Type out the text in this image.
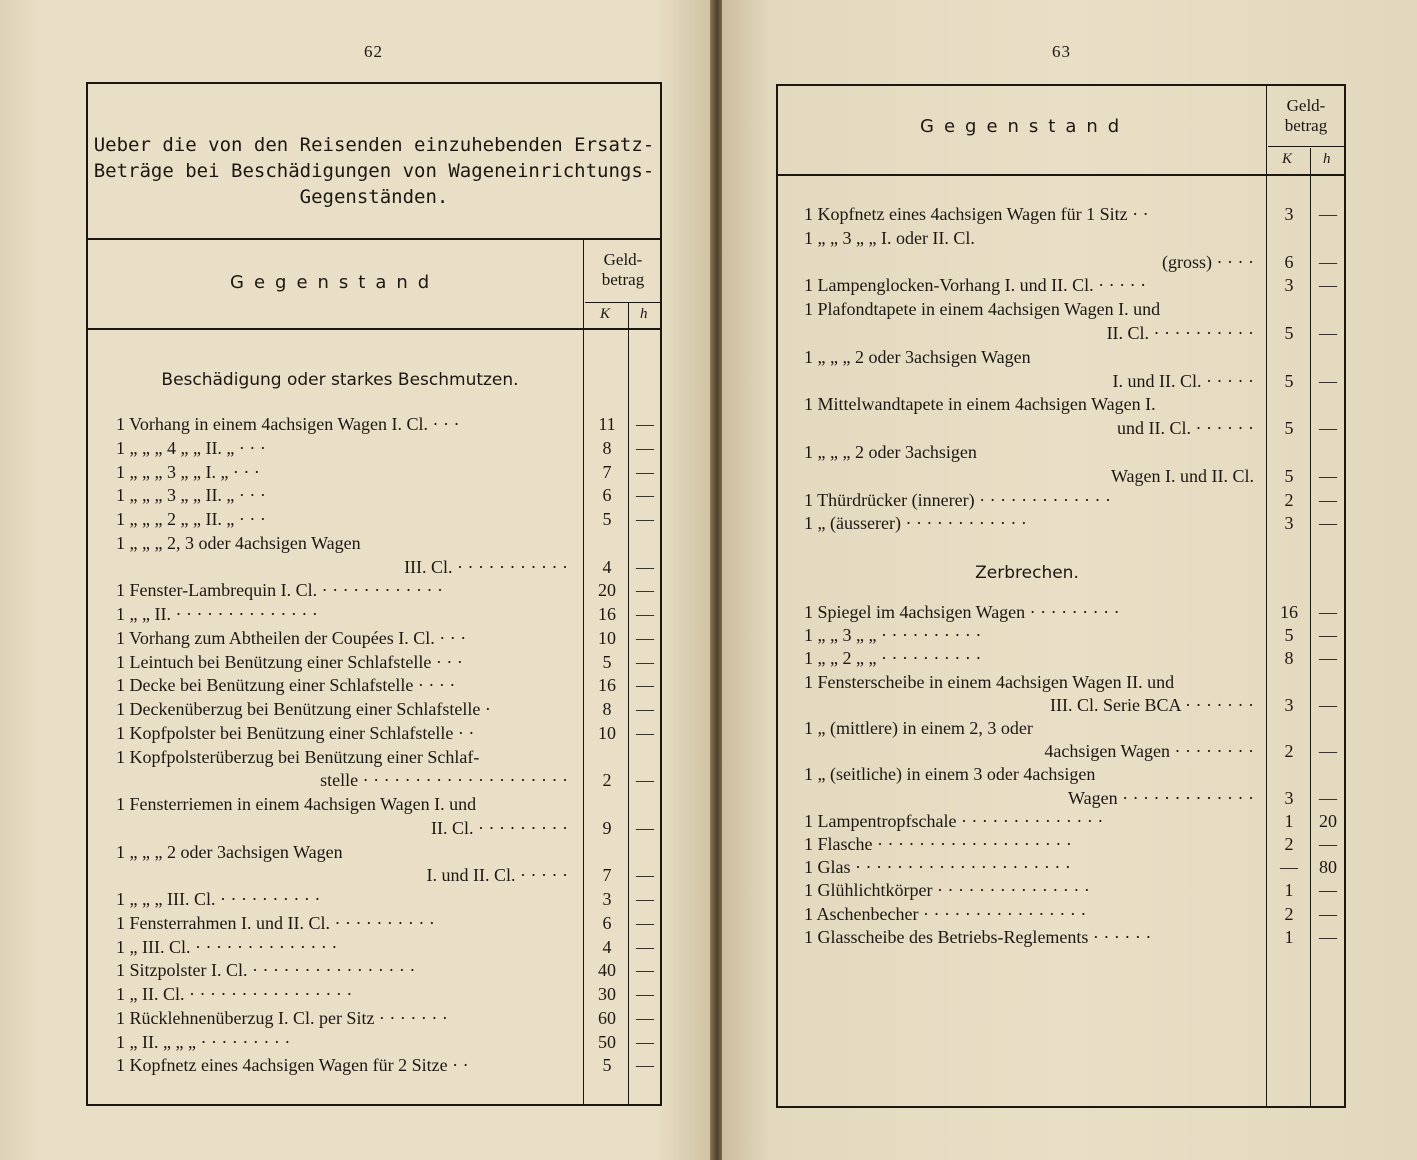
62
Ueber die von den Reisenden einzuhebenden Ersatz-
Beträge bei Beschädigungen von Wageneinrichtungs-
Gegenständen.
Gegenstand
Geld-
betrag
K h
Beschädigung oder starkes Beschmutzen.
1 Vorhang in einem 4achsigen Wagen I. Cl. · · ·	11	—
1 „ „ „ 4 „ „ II. „ · · ·	8	—
1 „ „ „ 3 „ „ I. „ · · ·	7	—
1 „ „ „ 3 „ „ II. „ · · ·	6	—
1 „ „ „ 2 „ „ II. „ · · ·	5	—
1 „ „ „ 2, 3 oder 4achsigen Wagen
III. Cl. · · · · · · · · · · ·	4	—
1 Fenster-Lambrequin I. Cl. · · · · · · · · · · · ·	20	—
1 „ „ II. · · · · · · · · · · · · · ·	16	—
1 Vorhang zum Abtheilen der Coupées I. Cl. · · ·	10	—
1 Leintuch bei Benützung einer Schlafstelle · · ·	5	—
1 Decke bei Benützung einer Schlafstelle · · · ·	16	—
1 Deckenüberzug bei Benützung einer Schlafstelle ·	8	—
1 Kopfpolster bei Benützung einer Schlafstelle · ·	10	—
1 Kopfpolsterüberzug bei Benützung einer Schlaf-
stelle · · · · · · · · · · · · · · · · · · · ·	2	—
1 Fensterriemen in einem 4achsigen Wagen I. und
II. Cl. · · · · · · · · ·	9	—
1 „ „ „ 2 oder 3achsigen Wagen
I. und II. Cl. · · · · ·	7	—
1 „ „ „ III. Cl. · · · · · · · · · ·	3	—
1 Fensterrahmen I. und II. Cl. · · · · · · · · · ·	6	—
1 „ III. Cl. · · · · · · · · · · · · · ·	4	—
1 Sitzpolster I. Cl. · · · · · · · · · · · · · · · ·	40	—
1 „ II. Cl. · · · · · · · · · · · · · · · ·	30	—
1 Rücklehnenüberzug I. Cl. per Sitz · · · · · · ·	60	—
1 „ II. „ „ „ · · · · · · · · ·	50	—
1 Kopfnetz eines 4achsigen Wagen für 2 Sitze · ·	5	—
63
Gegenstand
Geld-
betrag
K h
Zerbrechen.
1 Kopfnetz eines 4achsigen Wagen für 1 Sitz · ·	3	—
1 „ „ 3 „ „ I. oder II. Cl.
(gross) · · · ·	6	—
1 Lampenglocken-Vorhang I. und II. Cl. · · · · ·	3	—
1 Plafondtapete in einem 4achsigen Wagen I. und
II. Cl. · · · · · · · · · ·	5	—
1 „ „ „ 2 oder 3achsigen Wagen
I. und II. Cl. · · · · ·	5	—
1 Mittelwandtapete in einem 4achsigen Wagen I.
und II. Cl. · · · · · ·	5	—
1 „ „ „ 2 oder 3achsigen
Wagen I. und II. Cl.	5	—
1 Thürdrücker (innerer) · · · · · · · · · · · · ·	2	—
1 „ (äusserer) · · · · · · · · · · · ·	3	—
1 Spiegel im 4achsigen Wagen · · · · · · · · ·	16	—
1 „ „ 3 „ „ · · · · · · · · · ·	5	—
1 „ „ 2 „ „ · · · · · · · · · ·	8	—
1 Fensterscheibe in einem 4achsigen Wagen II. und
III. Cl. Serie BCA · · · · · · ·	3	—
1 „ (mittlere) in einem 2, 3 oder
4achsigen Wagen · · · · · · · ·	2	—
1 „ (seitliche) in einem 3 oder 4achsigen
Wagen · · · · · · · · · · · · ·	3	—
1 Lampentropfschale · · · · · · · · · · · · · ·	1	20
1 Flasche · · · · · · · · · · · · · · · · · · ·	2	—
1 Glas · · · · · · · · · · · · · · · · · · · · ·	—	80
1 Glühlichtkörper · · · · · · · · · · · · · · ·	1	—
1 Aschenbecher · · · · · · · · · · · · · · · ·	2	—
1 Glasscheibe des Betriebs-Reglements · · · · · ·	1	—
